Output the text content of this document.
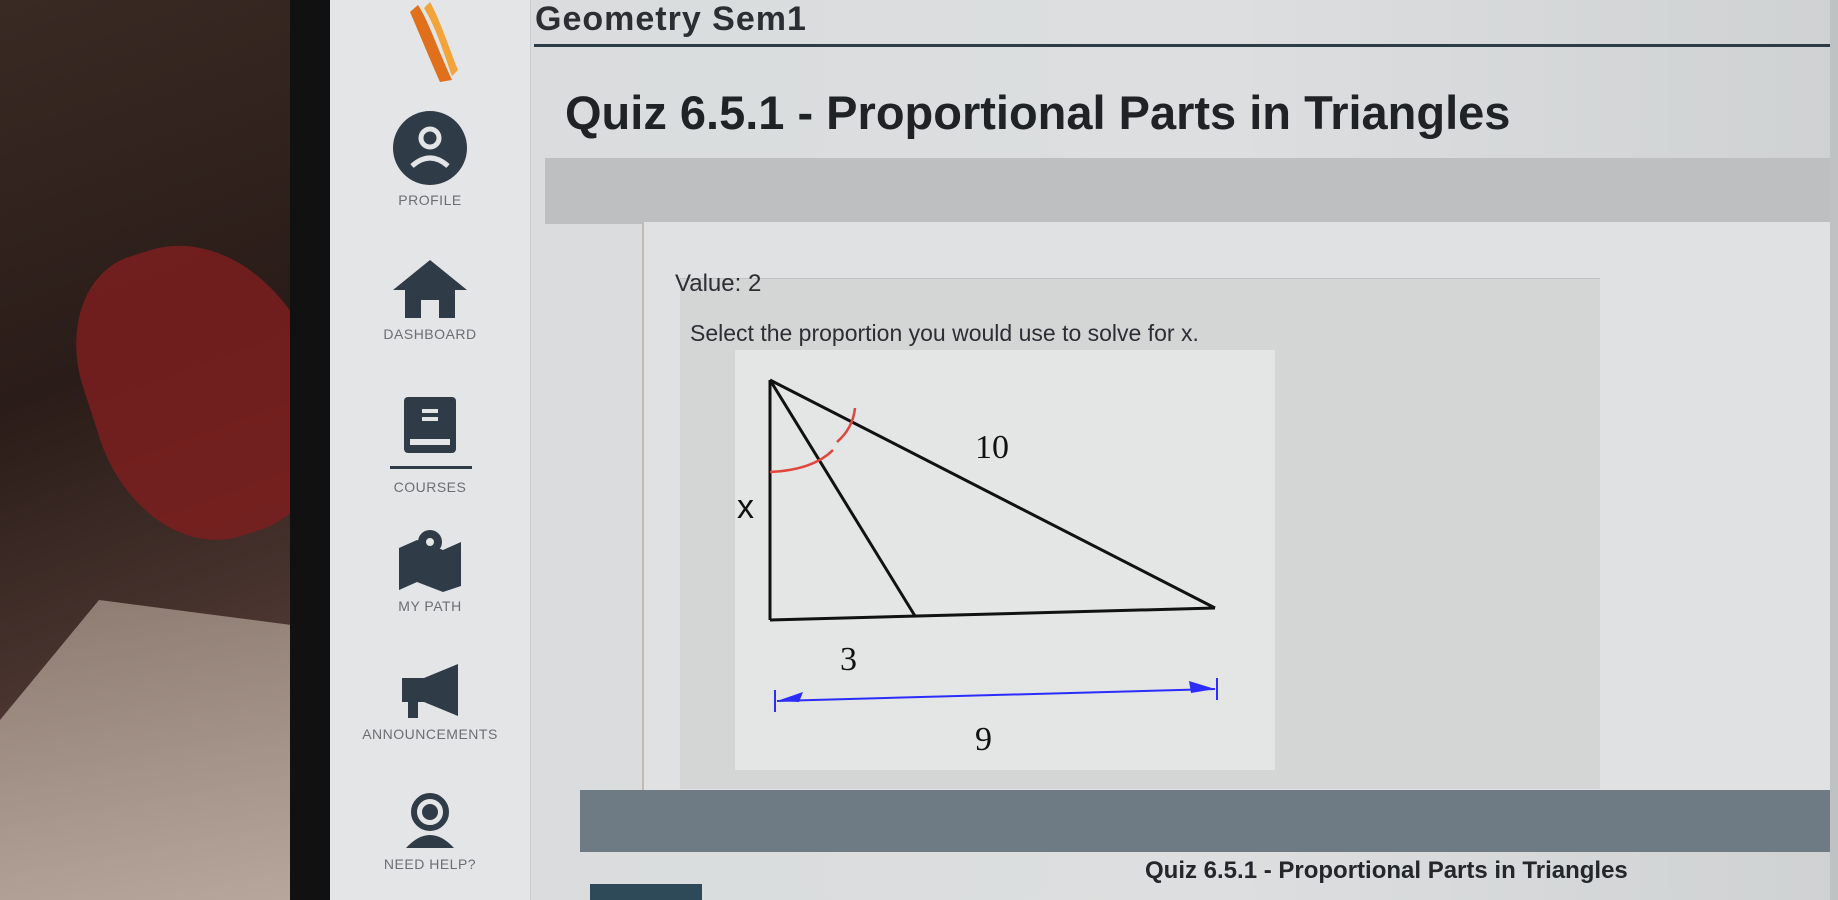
PROFILE
DASHBOARD
COURSES
MY PATH
ANNOUNCEMENTS
NEED HELP?
Geometry Sem1
Quiz 6.5.1 - Proportional Parts in Triangles
Value: 2
Select the proportion you would use to solve for x.
10
x
3
9
Quiz 6.5.1 - Proportional Parts in Triangles
